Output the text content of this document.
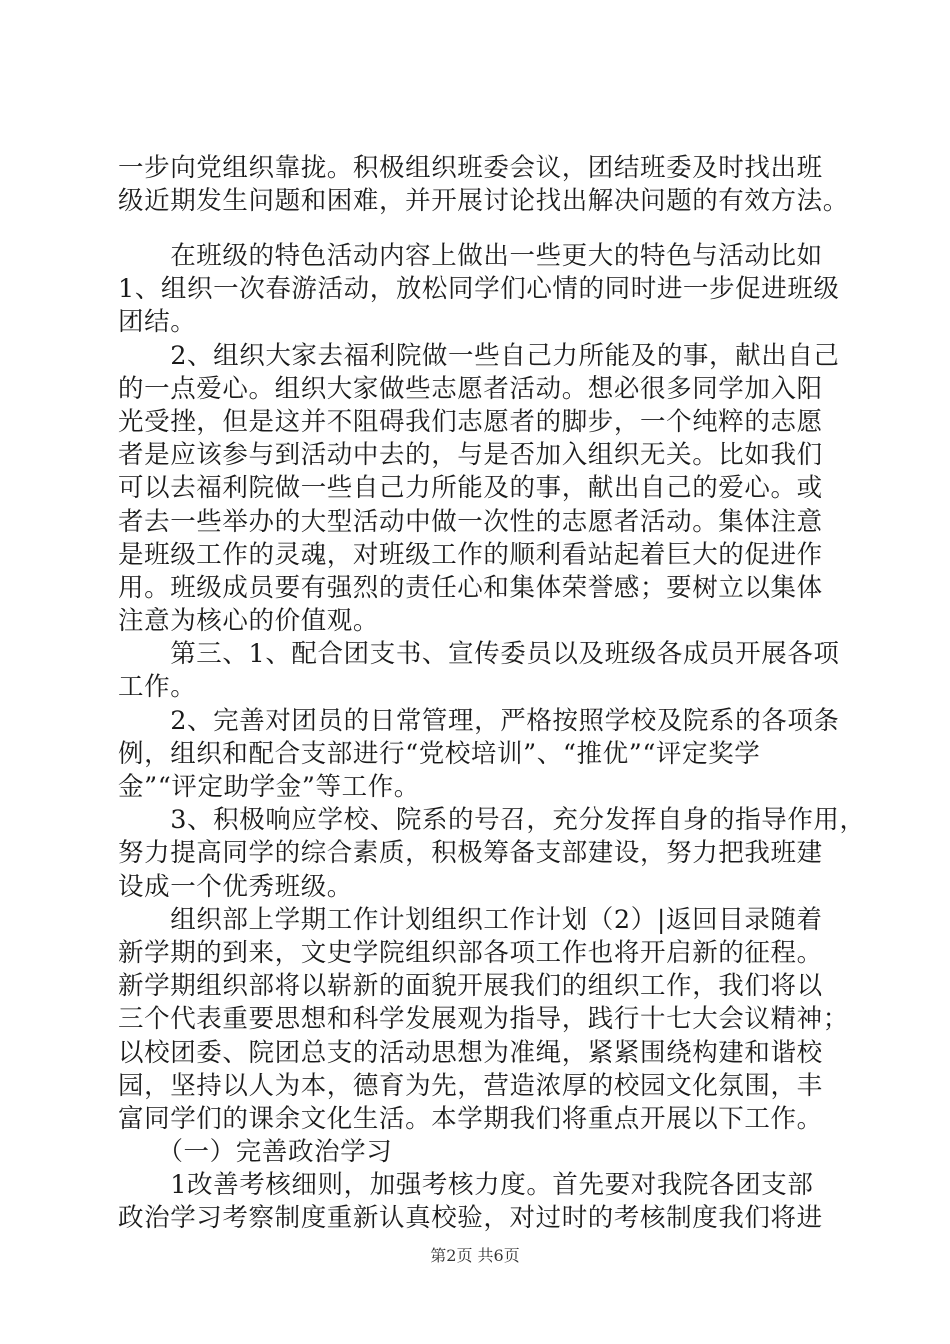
一步向党组织靠拢。积极组织班委会议，团结班委及时找出班
级近期发生问题和困难，并开展讨论找出解决问题的有效方法。
　　在班级的特色活动内容上做出一些更大的特色与活动比如
1、组织一次春游活动，放松同学们心情的同时进一步促进班级
团结。
　　2、组织大家去福利院做一些自己力所能及的事，献出自己
的一点爱心。组织大家做些志愿者活动。想必很多同学加入阳
光受挫，但是这并不阻碍我们志愿者的脚步，一个纯粹的志愿
者是应该参与到活动中去的，与是否加入组织无关。比如我们
可以去福利院做一些自己力所能及的事，献出自己的爱心。或
者去一些举办的大型活动中做一次性的志愿者活动。集体注意
是班级工作的灵魂，对班级工作的顺利看站起着巨大的促进作
用。班级成员要有强烈的责任心和集体荣誉感；要树立以集体
注意为核心的价值观。
　　第三、1、配合团支书、宣传委员以及班级各成员开展各项
工作。
　　2、完善对团员的日常管理，严格按照学校及院系的各项条
例，组织和配合支部进行“党校培训”、“推优”“评定奖学
金”“评定助学金”等工作。
　　3、积极响应学校、院系的号召，充分发挥自身的指导作用，
努力提高同学的综合素质，积极筹备支部建设，努力把我班建
设成一个优秀班级。
　　组织部上学期工作计划组织工作计划（2）|返回目录随着
新学期的到来，文史学院组织部各项工作也将开启新的征程。
新学期组织部将以崭新的面貌开展我们的组织工作，我们将以
三个代表重要思想和科学发展观为指导，践行十七大会议精神；
以校团委、院团总支的活动思想为准绳，紧紧围绕构建和谐校
园，坚持以人为本，德育为先，营造浓厚的校园文化氛围，丰
富同学们的课余文化生活。本学期我们将重点开展以下工作。
　　（一）完善政治学习
　　1改善考核细则，加强考核力度。首先要对我院各团支部
政治学习考察制度重新认真校验，对过时的考核制度我们将进
第2页 共6页
